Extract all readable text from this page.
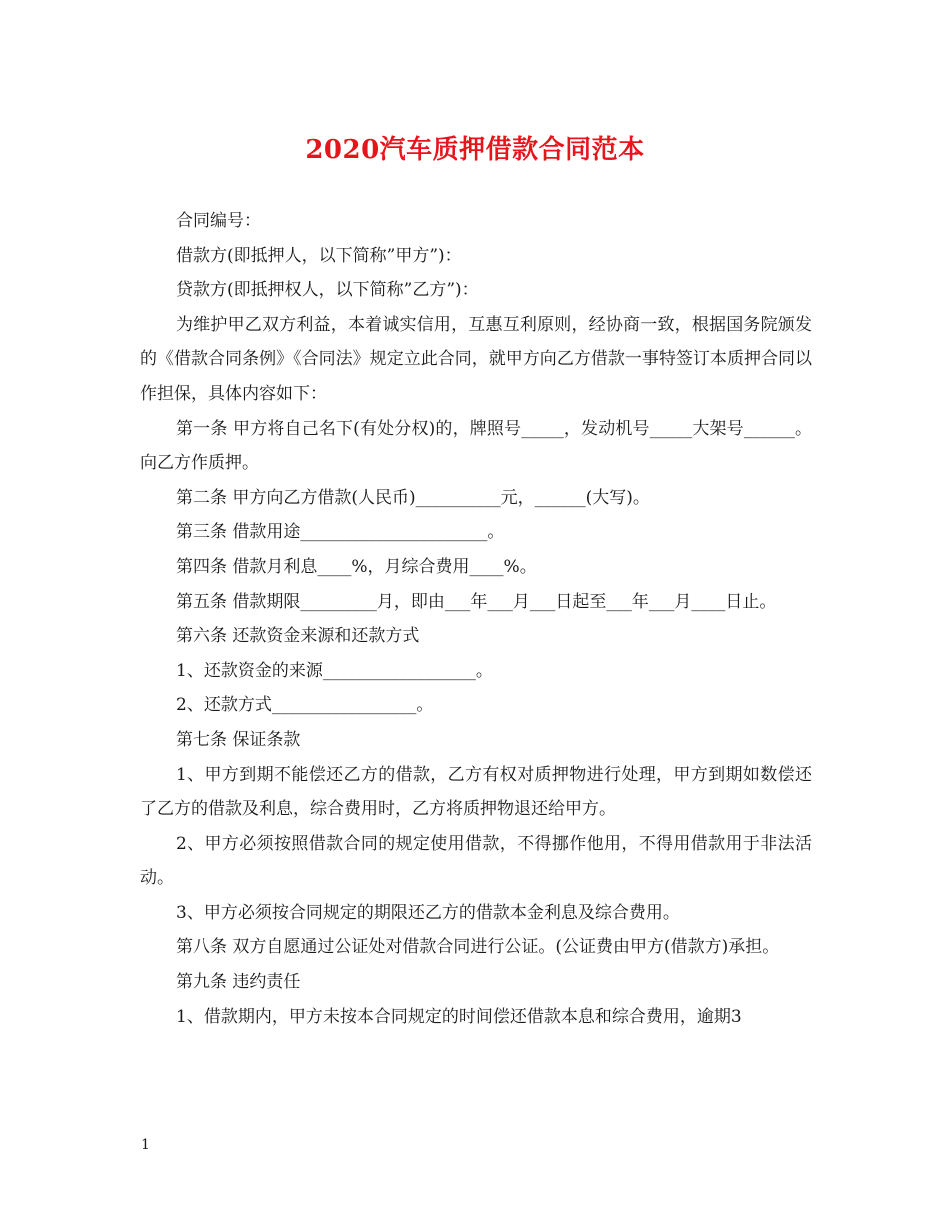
2020汽车质押借款合同范本

合同编号：

借款方(即抵押人，以下简称”甲方”)：

贷款方(即抵押权人，以下简称”乙方”)：

为维护甲乙双方利益，本着诚实信用，互惠互利原则，经协商一致，根据国务院颁发的《借款合同条例》《合同法》规定立此合同，就甲方向乙方借款一事特签订本质押合同以作担保，具体内容如下：

第一条 甲方将自己名下(有处分权)的，牌照号_____，发动机号_____大架号______。向乙方作质押。

第二条 甲方向乙方借款(人民币)__________元，______(大写)。

第三条 借款用途______________________。

第四条 借款月利息____%，月综合费用____%。

第五条 借款期限_________月，即由___年___月___日起至___年___月____日止。

第六条 还款资金来源和还款方式

1、还款资金的来源__________________。

2、还款方式_________________。

第七条 保证条款

1、甲方到期不能偿还乙方的借款，乙方有权对质押物进行处理，甲方到期如数偿还了乙方的借款及利息，综合费用时，乙方将质押物退还给甲方。

2、甲方必须按照借款合同的规定使用借款，不得挪作他用，不得用借款用于非法活动。

3、甲方必须按合同规定的期限还乙方的借款本金利息及综合费用。

第八条 双方自愿通过公证处对借款合同进行公证。(公证费由甲方(借款方)承担。

第九条 违约责任

1、借款期内，甲方未按本合同规定的时间偿还借款本息和综合费用，逾期3

1
